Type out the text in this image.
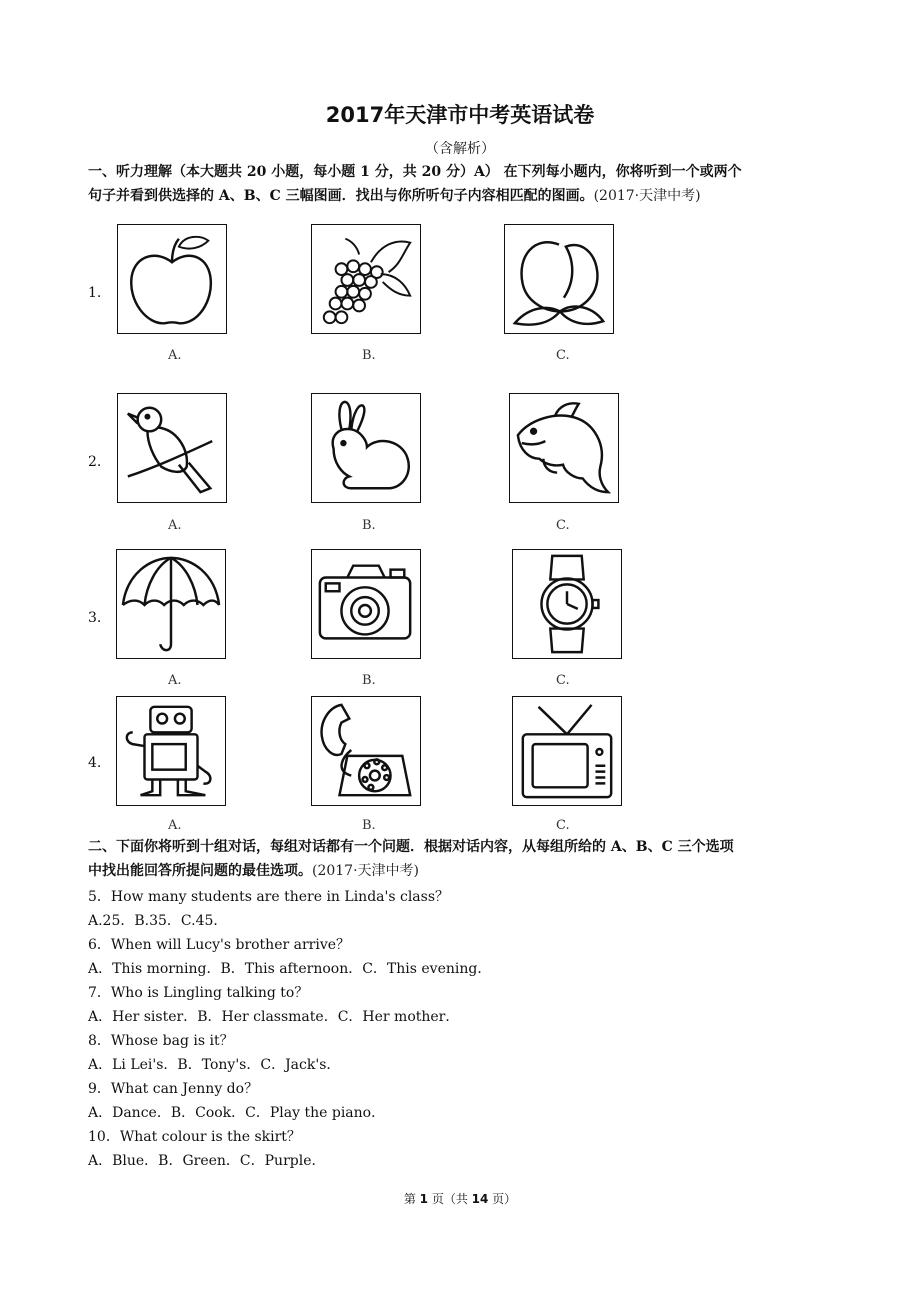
2017年天津市中考英语试卷
（含解析）
一、听力理解（本大题共 20 小题，每小题 1 分，共 20 分）A） 在下列每小题内，你将听到一个或两个
句子并看到供选择的 A、B、C 三幅图画．找出与你所听句子内容相匹配的图画。(2017·天津中考)
1.
A.	B.	C.
2.
A.	B.	C.
3.
A.	B.	C.
4.
A.	B.	C.
二、下面你将听到十组对话，每组对话都有一个问题．根据对话内容，从每组所给的 A、B、C 三个选项
中找出能回答所提问题的最佳选项。(2017·天津中考)
5．How many students are there in Linda's class？
A.25．B.35．C.45．
6．When will Lucy's brother arrive？
A．This morning．B．This afternoon．C．This evening．
7．Who is Lingling talking to？
A．Her sister．B．Her classmate．C．Her mother．
8．Whose bag is it？
A．Li Lei's．B．Tony's．C．Jack's．
9．What can Jenny do？
A．Dance．B．Cook．C．Play the piano．
10．What colour is the skirt？
A．Blue．B．Green．C．Purple．
第 1 页（共 14 页）
